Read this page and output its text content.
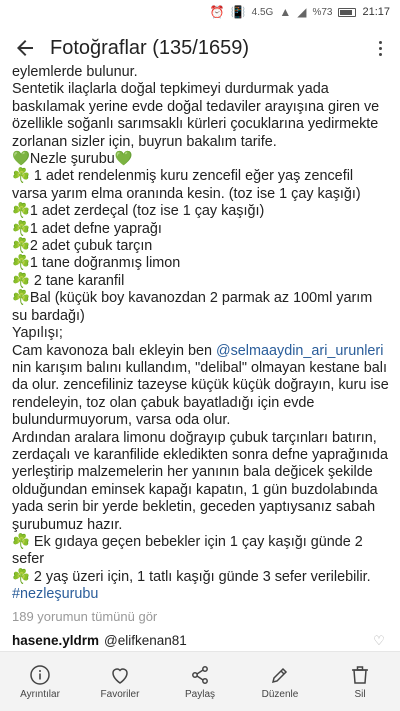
⏰ 📳 4.5G ▲ ◢ %73	21:17
Fotoğraflar (135/1659)

eylemlerde bulunur.

Sentetik ilaçlarla doğal tepkimeyi durdurmak yada baskılamak yerine evde doğal tedaviler arayışına giren ve özellikle soğanlı sarımsaklı kürleri çocuklarına yedirmekte zorlanan sizler için, buyrun bakalım tarife.

💚Nezle şurubu💚

☘️ 1 adet rendelenmiş kuru zencefil eğer yaş zencefil varsa yarım elma oranında kesin. (toz ise 1 çay kaşığı)

☘️1 adet zerdeçal (toz ise 1 çay kaşığı)

☘️1 adet defne yaprağı

☘️2 adet çubuk tarçın

☘️1 tane doğranmış limon

☘️ 2 tane karanfil

☘️Bal (küçük boy kavanozdan 2 parmak az 100ml yarım su bardağı)

Yapılışı;

Cam kavonoza balı ekleyin ben @selmaaydin_ari_urunleri nin karışım balını kullandım, "delibal" olmayan kestane balı da olur. zencefiliniz tazeyse küçük küçük doğrayın, kuru ise rendeleyin, toz olan çabuk bayatladığı için evde bulundurmuyorum, varsa oda olur.

Ardından aralara limonu doğrayıp çubuk tarçınları batırın, zerdaçalı ve karanfilide ekledikten sonra defne yaprağınıda yerleştirip malzemelerin her yanının bala değicek şekilde olduğundan eminsek kapağı kapatın, 1 gün buzdolabında yada serin bir yerde bekletin, geceden yaptıysanız sabah şurubumuz hazır.

☘️ Ek gıdaya geçen bebekler için 1 çay kaşığı günde 2 sefer

☘️ 2 yaş üzeri için, 1 tatlı kaşığı günde 3 sefer verilebilir.

#nezleşurubu

189 yorumun tümünü gör
hasene.yldrm @elifkenan81	♡
Ayrıntılar	Favoriler	Paylaş	Düzenle	Sil
